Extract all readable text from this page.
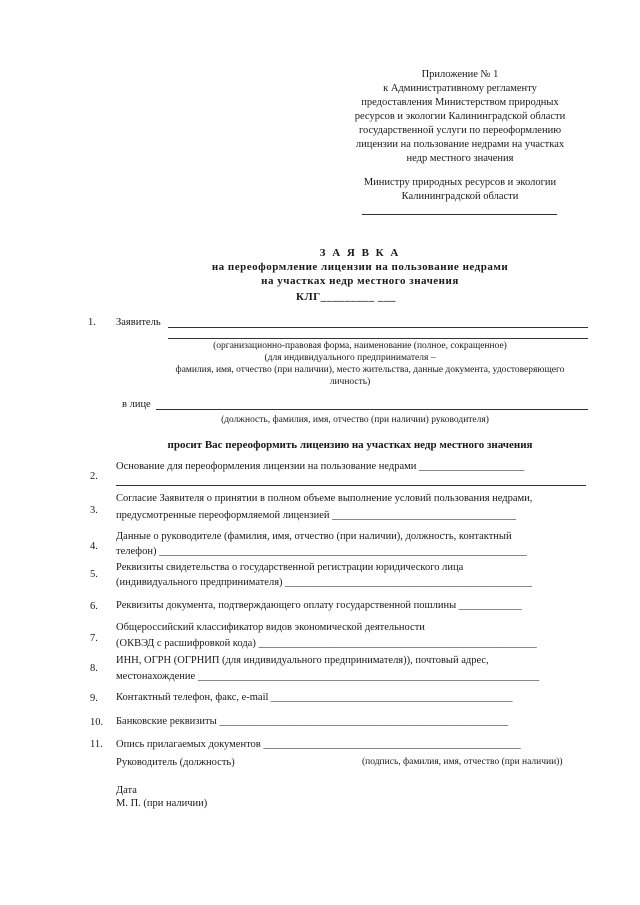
Приложение № 1
к Административному регламенту
предоставления Министерством природных
ресурсов и экологии Калининградской области
государственной услуги по переоформлению
лицензии на пользование недрами на участках
недр местного значения
Министру природных ресурсов и экологии
Калининградской области
З А Я В К А
на переоформление лицензии на пользование недрами
на участках недр местного значения
КЛГ_________ ___
1. Заявитель
(организационно-правовая форма, наименование (полное, сокращенное)
(для индивидуального предпринимателя –
фамилия, имя, отчество (при наличии), место жительства, данные документа, удостоверяющего
личность)
в лице
(должность, фамилия, имя, отчество (при наличии) руководителя)
просит Вас переоформить лицензию на участках недр местного значения
2.
Основание для переоформления лицензии на пользование недрами ____________________
3.
Согласие Заявителя о принятии в полном объеме выполнение условий пользования недрами,
предусмотренные переоформляемой лицензией ___________________________________
4.
Данные о руководителе (фамилия, имя, отчество (при наличии), должность, контактный
телефон) ______________________________________________________________________
5.
Реквизиты свидетельства о государственной регистрации юридического лица
(индивидуального предпринимателя) _______________________________________________
6. Реквизиты документа, подтверждающего оплату государственной пошлины ____________
7.
Общероссийский классификатор видов экономической деятельности
(ОКВЭД с расшифровкой кода) _____________________________________________________
8.
ИНН, ОГРН (ОГРНИП (для индивидуального предпринимателя)), почтовый адрес,
местонахождение _________________________________________________________________
9. Контактный телефон, факс, e-mail ______________________________________________
10. Банковские реквизиты _______________________________________________________
11. Опись прилагаемых документов _________________________________________________
Руководитель (должность)	(подпись, фамилия, имя, отчество (при наличии))
Дата
М. П. (при наличии)
